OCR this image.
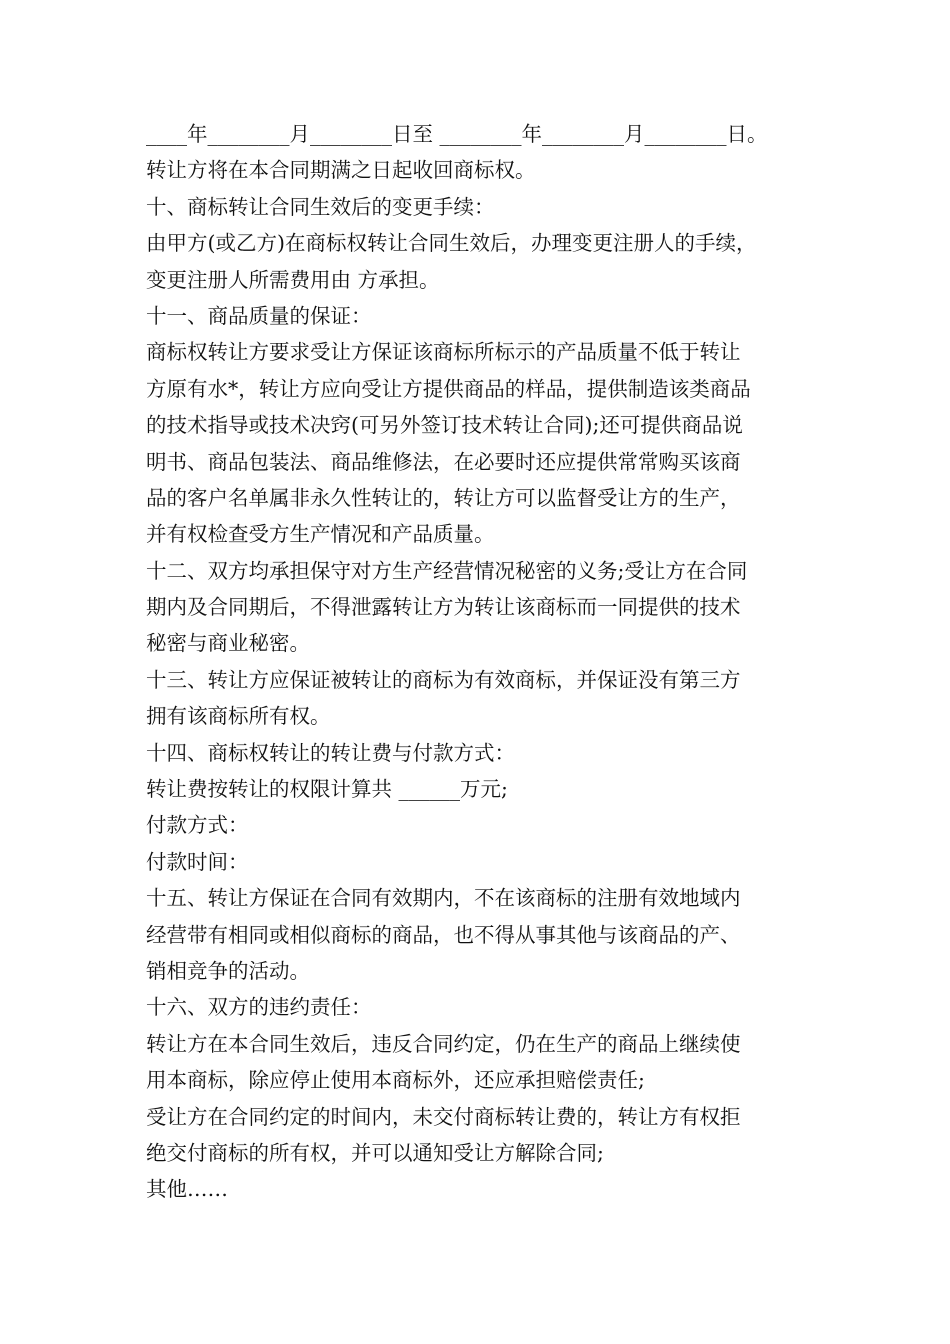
____年________月________日至 ________年________月________日。
转让方将在本合同期满之日起收回商标权。
十、商标转让合同生效后的变更手续：
由甲方(或乙方)在商标权转让合同生效后，办理变更注册人的手续，
变更注册人所需费用由 方承担。
十一、商品质量的保证：
商标权转让方要求受让方保证该商标所标示的产品质量不低于转让
方原有水*，转让方应向受让方提供商品的样品，提供制造该类商品
的技术指导或技术决窍(可另外签订技术转让合同);还可提供商品说
明书、商品包装法、商品维修法，在必要时还应提供常常购买该商
品的客户名单属非永久性转让的，转让方可以监督受让方的生产，
并有权检查受方生产情况和产品质量。
十二、双方均承担保守对方生产经营情况秘密的义务;受让方在合同
期内及合同期后，不得泄露转让方为转让该商标而一同提供的技术
秘密与商业秘密。
十三、转让方应保证被转让的商标为有效商标，并保证没有第三方
拥有该商标所有权。
十四、商标权转让的转让费与付款方式：
转让费按转让的权限计算共 ______万元;
付款方式：
付款时间：
十五、转让方保证在合同有效期内，不在该商标的注册有效地域内
经营带有相同或相似商标的商品，也不得从事其他与该商品的产、
销相竞争的活动。
十六、双方的违约责任：
转让方在本合同生效后，违反合同约定，仍在生产的商品上继续使
用本商标，除应停止使用本商标外，还应承担赔偿责任;
受让方在合同约定的时间内，未交付商标转让费的，转让方有权拒
绝交付商标的所有权，并可以通知受让方解除合同;
其他……
